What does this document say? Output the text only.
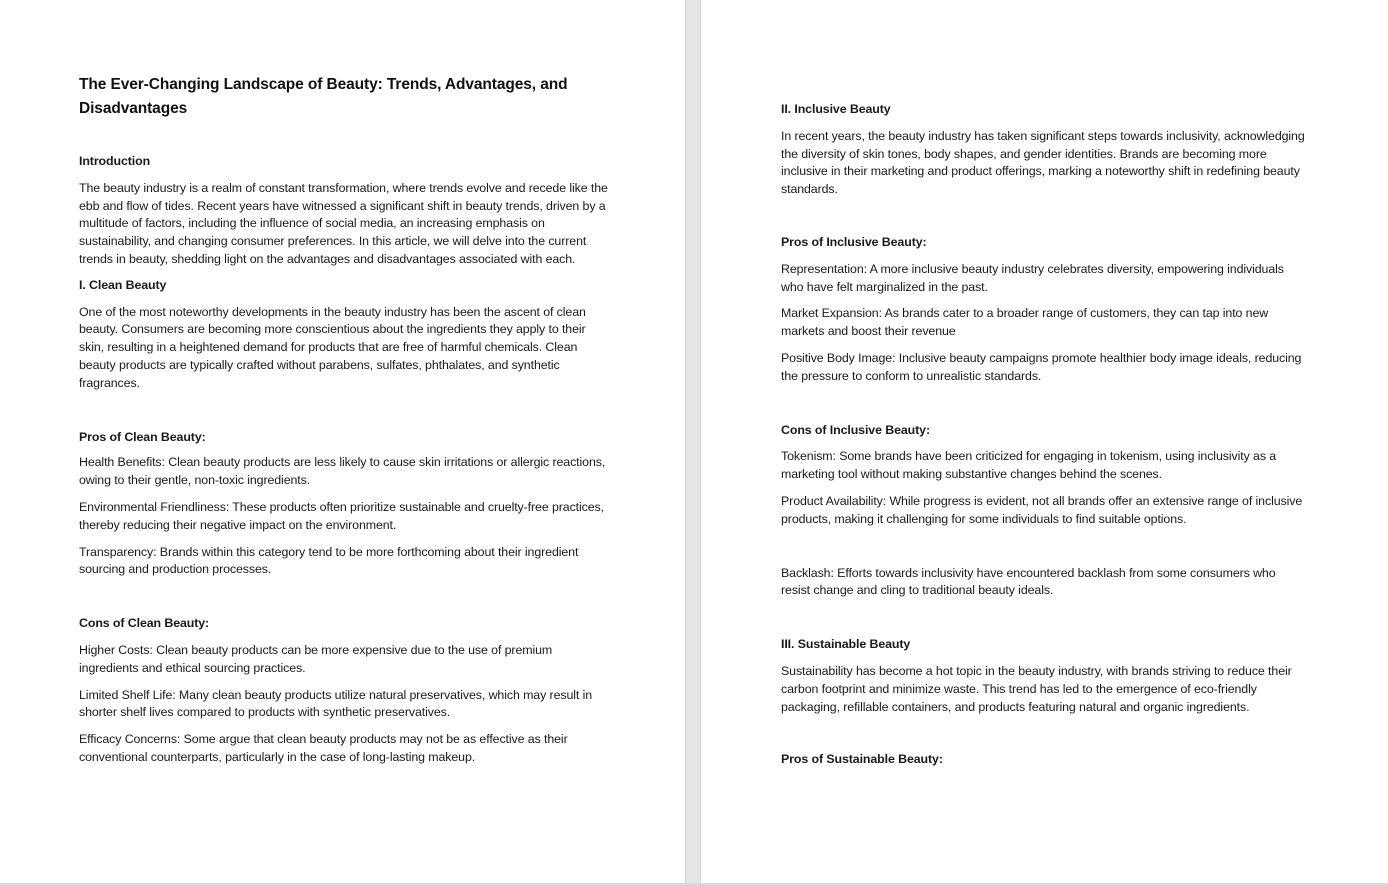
The Ever-Changing Landscape of Beauty: Trends, Advantages, and Disadvantages
Introduction
The beauty industry is a realm of constant transformation, where trends evolve and recede like the ebb and flow of tides. Recent years have witnessed a significant shift in beauty trends, driven by a multitude of factors, including the influence of social media, an increasing emphasis on sustainability, and changing consumer preferences. In this article, we will delve into the current trends in beauty, shedding light on the advantages and disadvantages associated with each.
I. Clean Beauty
One of the most noteworthy developments in the beauty industry has been the ascent of clean beauty. Consumers are becoming more conscientious about the ingredients they apply to their skin, resulting in a heightened demand for products that are free of harmful chemicals. Clean beauty products are typically crafted without parabens, sulfates, phthalates, and synthetic fragrances.
Pros of Clean Beauty:
Health Benefits: Clean beauty products are less likely to cause skin irritations or allergic reactions, owing to their gentle, non-toxic ingredients.
Environmental Friendliness: These products often prioritize sustainable and cruelty-free practices, thereby reducing their negative impact on the environment.
Transparency: Brands within this category tend to be more forthcoming about their ingredient sourcing and production processes.
Cons of Clean Beauty:
Higher Costs: Clean beauty products can be more expensive due to the use of premium ingredients and ethical sourcing practices.
Limited Shelf Life: Many clean beauty products utilize natural preservatives, which may result in shorter shelf lives compared to products with synthetic preservatives.
Efficacy Concerns: Some argue that clean beauty products may not be as effective as their conventional counterparts, particularly in the case of long-lasting makeup.
II. Inclusive Beauty
In recent years, the beauty industry has taken significant steps towards inclusivity, acknowledging the diversity of skin tones, body shapes, and gender identities. Brands are becoming more inclusive in their marketing and product offerings, marking a noteworthy shift in redefining beauty standards.
Pros of Inclusive Beauty:
Representation: A more inclusive beauty industry celebrates diversity, empowering individuals who have felt marginalized in the past.
Market Expansion: As brands cater to a broader range of customers, they can tap into new markets and boost their revenue
Positive Body Image: Inclusive beauty campaigns promote healthier body image ideals, reducing the pressure to conform to unrealistic standards.
Cons of Inclusive Beauty:
Tokenism: Some brands have been criticized for engaging in tokenism, using inclusivity as a marketing tool without making substantive changes behind the scenes.
Product Availability: While progress is evident, not all brands offer an extensive range of inclusive products, making it challenging for some individuals to find suitable options.
Backlash: Efforts towards inclusivity have encountered backlash from some consumers who resist change and cling to traditional beauty ideals.
III. Sustainable Beauty
Sustainability has become a hot topic in the beauty industry, with brands striving to reduce their carbon footprint and minimize waste. This trend has led to the emergence of eco-friendly packaging, refillable containers, and products featuring natural and organic ingredients.
Pros of Sustainable Beauty:
